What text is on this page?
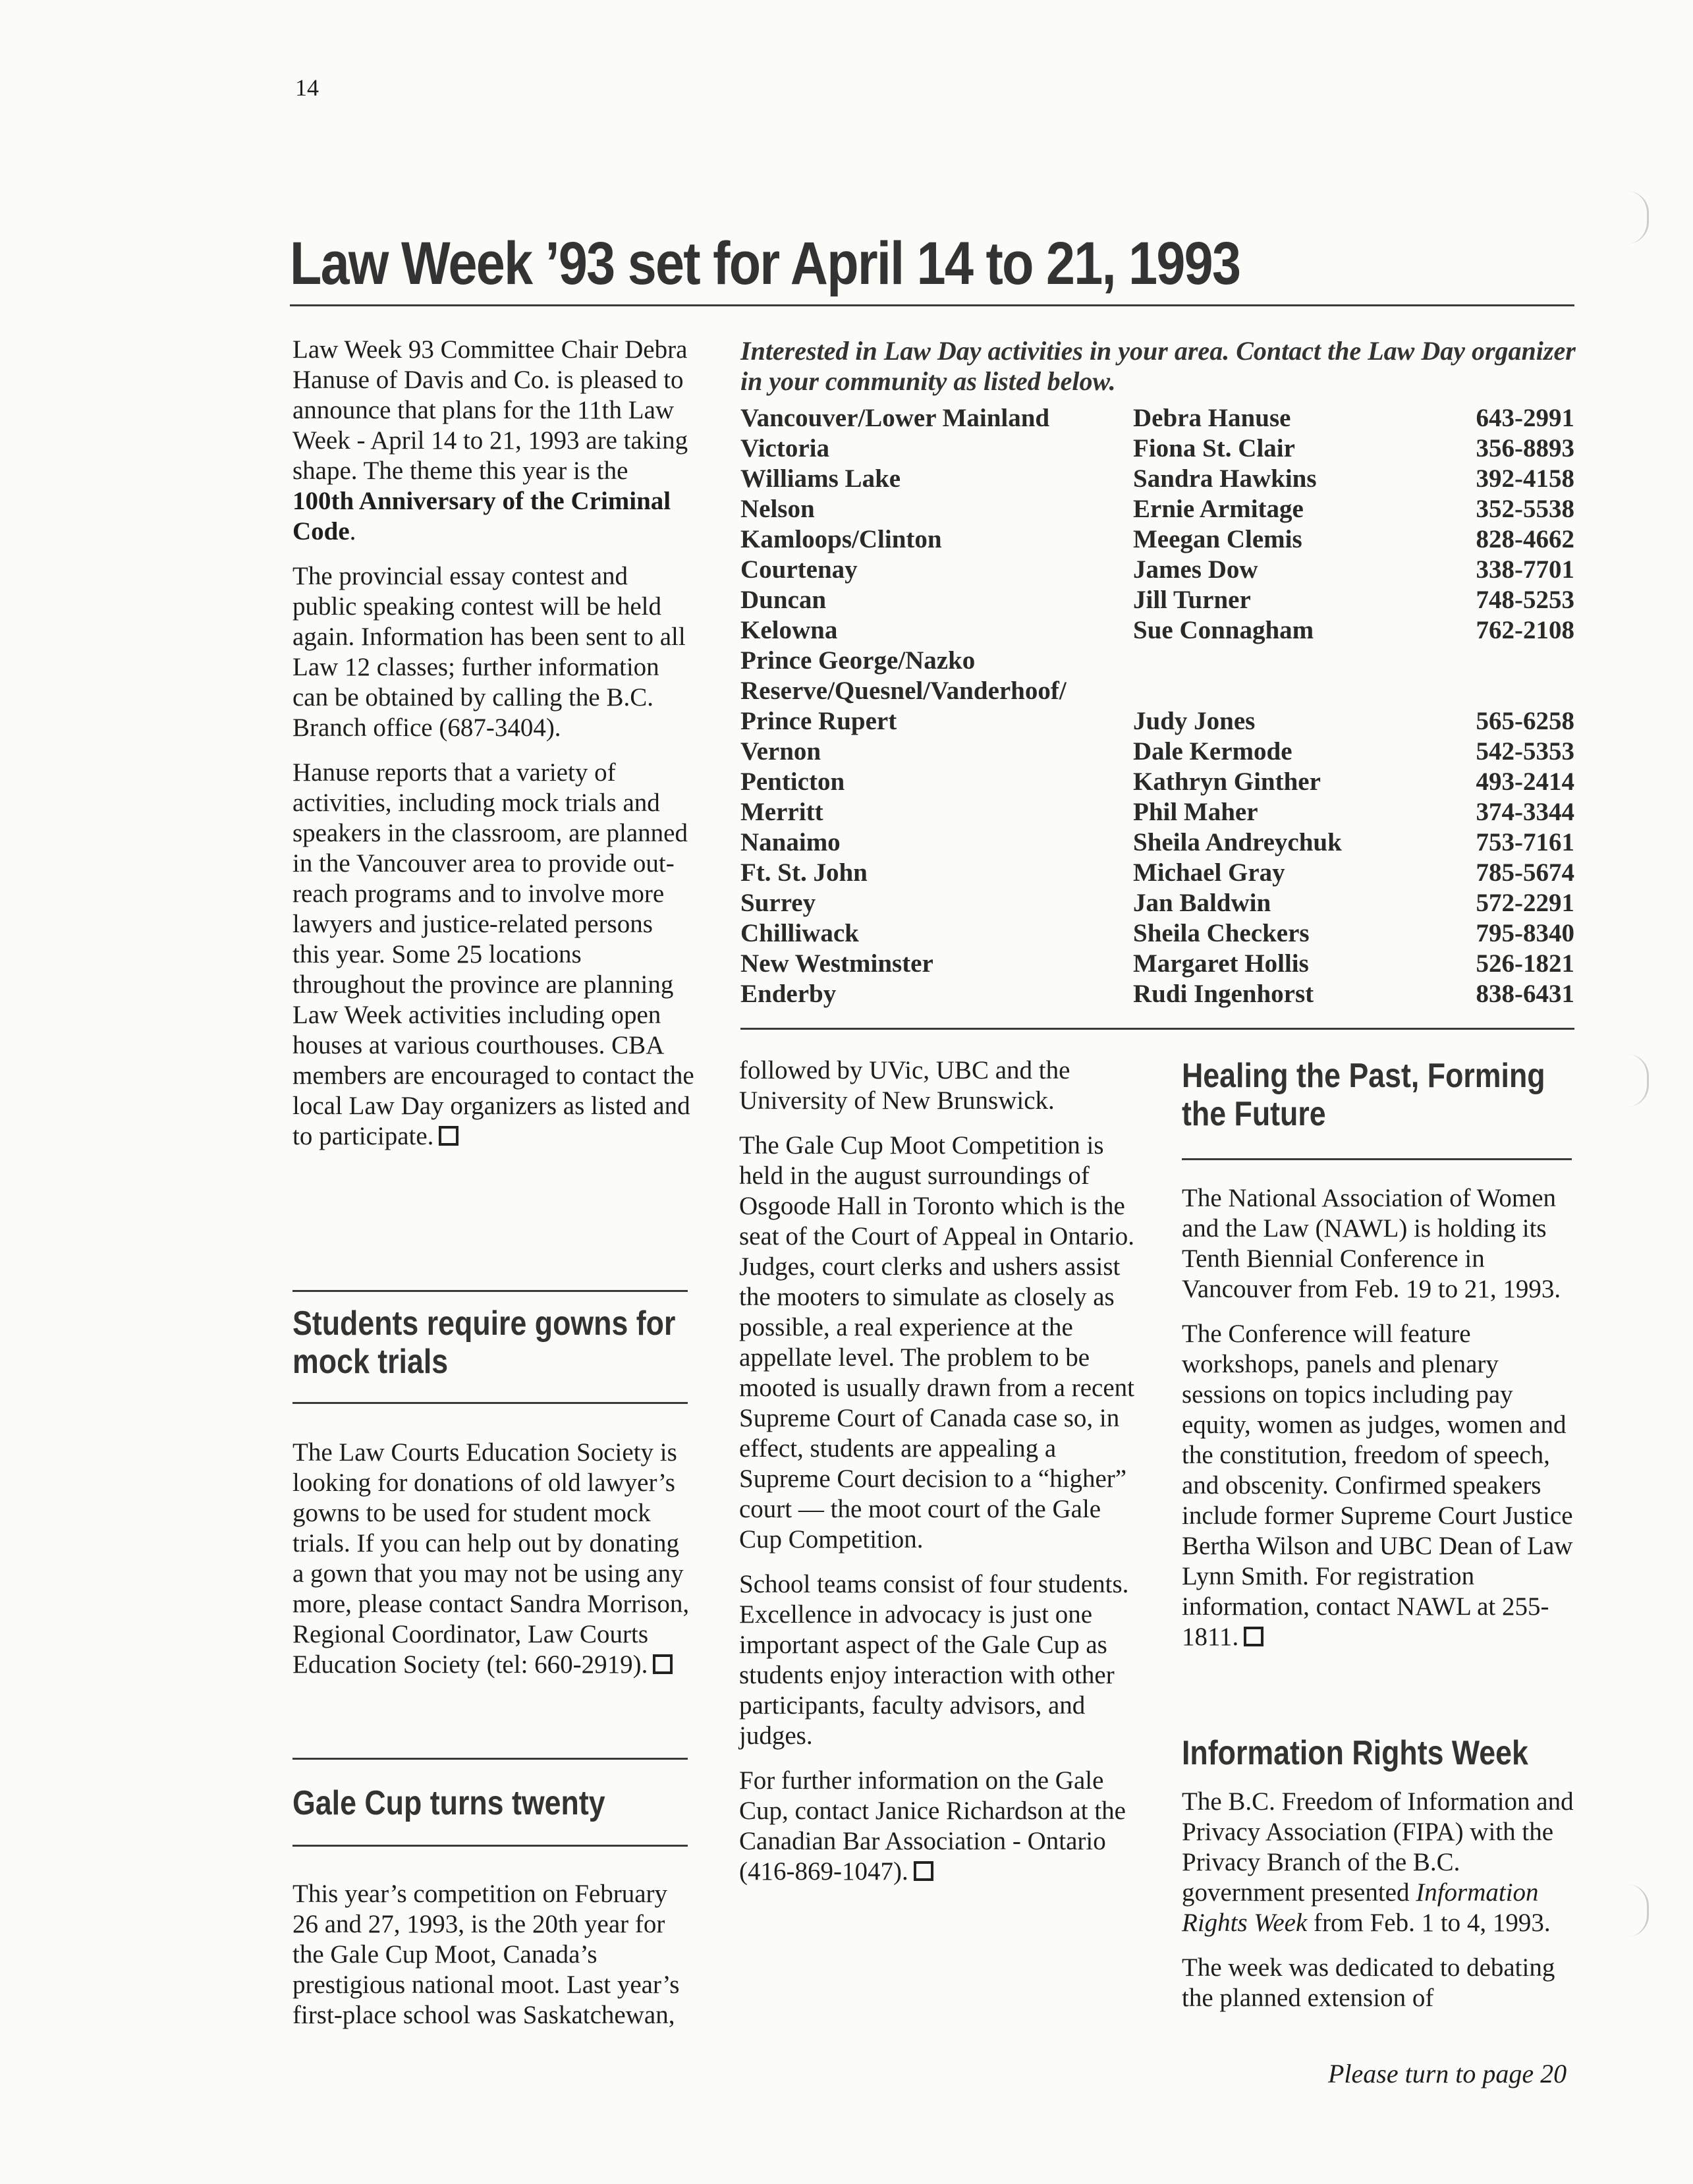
14
Law Week ’93 set for April 14 to 21, 1993

Law Week 93 Committee Chair Debra Hanuse of Davis and Co. is pleased to announce that plans for the 11th Law Week - April 14 to 21, 1993 are taking shape. The theme this year is the 100th Anniversary of the Criminal Code.

The provincial essay contest and public speaking contest will be held again. Information has been sent to all Law 12 classes; further information can be obtained by calling the B.C. Branch office (687-3404).

Hanuse reports that a variety of activities, including mock trials and speakers in the classroom, are planned in the Vancouver area to provide out-reach programs and to involve more lawyers and justice-related persons this year. Some 25 locations throughout the province are planning Law Week activities including open houses at various courthouses. CBA members are encouraged to contact the local Law Day organizers as listed and to participate.

Students require gowns for mock trials

The Law Courts Education Society is looking for donations of old lawyer’s gowns to be used for student mock trials. If you can help out by donating a gown that you may not be using any more, please contact Sandra Morrison, Regional Coordinator, Law Courts Education Society (tel: 660-2919).

Gale Cup turns twenty

This year’s competition on February 26 and 27, 1993, is the 20th year for the Gale Cup Moot, Canada’s prestigious national moot. Last year’s first-place school was Saskatchewan,

Interested in Law Day activities in your area. Contact the Law Day organizer in your community as listed below.
Vancouver/Lower Mainland	Debra Hanuse	643-2991
Victoria	Fiona St. Clair	356-8893
Williams Lake	Sandra Hawkins	392-4158
Nelson	Ernie Armitage	352-5538
Kamloops/Clinton	Meegan Clemis	828-4662
Courtenay	James Dow	338-7701
Duncan	Jill Turner	748-5253
Kelowna	Sue Connagham	762-2108
Prince George/Nazko		
Reserve/Quesnel/Vanderhoof/		
Prince Rupert	Judy Jones	565-6258
Vernon	Dale Kermode	542-5353
Penticton	Kathryn Ginther	493-2414
Merritt	Phil Maher	374-3344
Nanaimo	Sheila Andreychuk	753-7161
Ft. St. John	Michael Gray	785-5674
Surrey	Jan Baldwin	572-2291
Chilliwack	Sheila Checkers	795-8340
New Westminster	Margaret Hollis	526-1821
Enderby	Rudi Ingenhorst	838-6431

followed by UVic, UBC and the University of New Brunswick.

The Gale Cup Moot Competition is held in the august surroundings of Osgoode Hall in Toronto which is the seat of the Court of Appeal in Ontario. Judges, court clerks and ushers assist the mooters to simulate as closely as possible, a real experience at the appellate level. The problem to be mooted is usually drawn from a recent Supreme Court of Canada case so, in effect, students are appealing a Supreme Court decision to a “higher” court — the moot court of the Gale Cup Competition.

School teams consist of four students. Excellence in advocacy is just one important aspect of the Gale Cup as students enjoy interaction with other participants, faculty advisors, and judges.

For further information on the Gale Cup, contact Janice Richardson at the Canadian Bar Association - Ontario (416-869-1047).

Healing the Past, Forming the Future

The National Association of Women and the Law (NAWL) is holding its Tenth Biennial Conference in Vancouver from Feb. 19 to 21, 1993.

The Conference will feature workshops, panels and plenary sessions on topics including pay equity, women as judges, women and the constitution, freedom of speech, and obscenity. Confirmed speakers include former Supreme Court Justice Bertha Wilson and UBC Dean of Law Lynn Smith. For registration information, contact NAWL at 255-1811.

Information Rights Week

The B.C. Freedom of Information and Privacy Association (FIPA) with the Privacy Branch of the B.C. government presented Information Rights Week from Feb. 1 to 4, 1993.

The week was dedicated to debating the planned extension of

Please turn to page 20
